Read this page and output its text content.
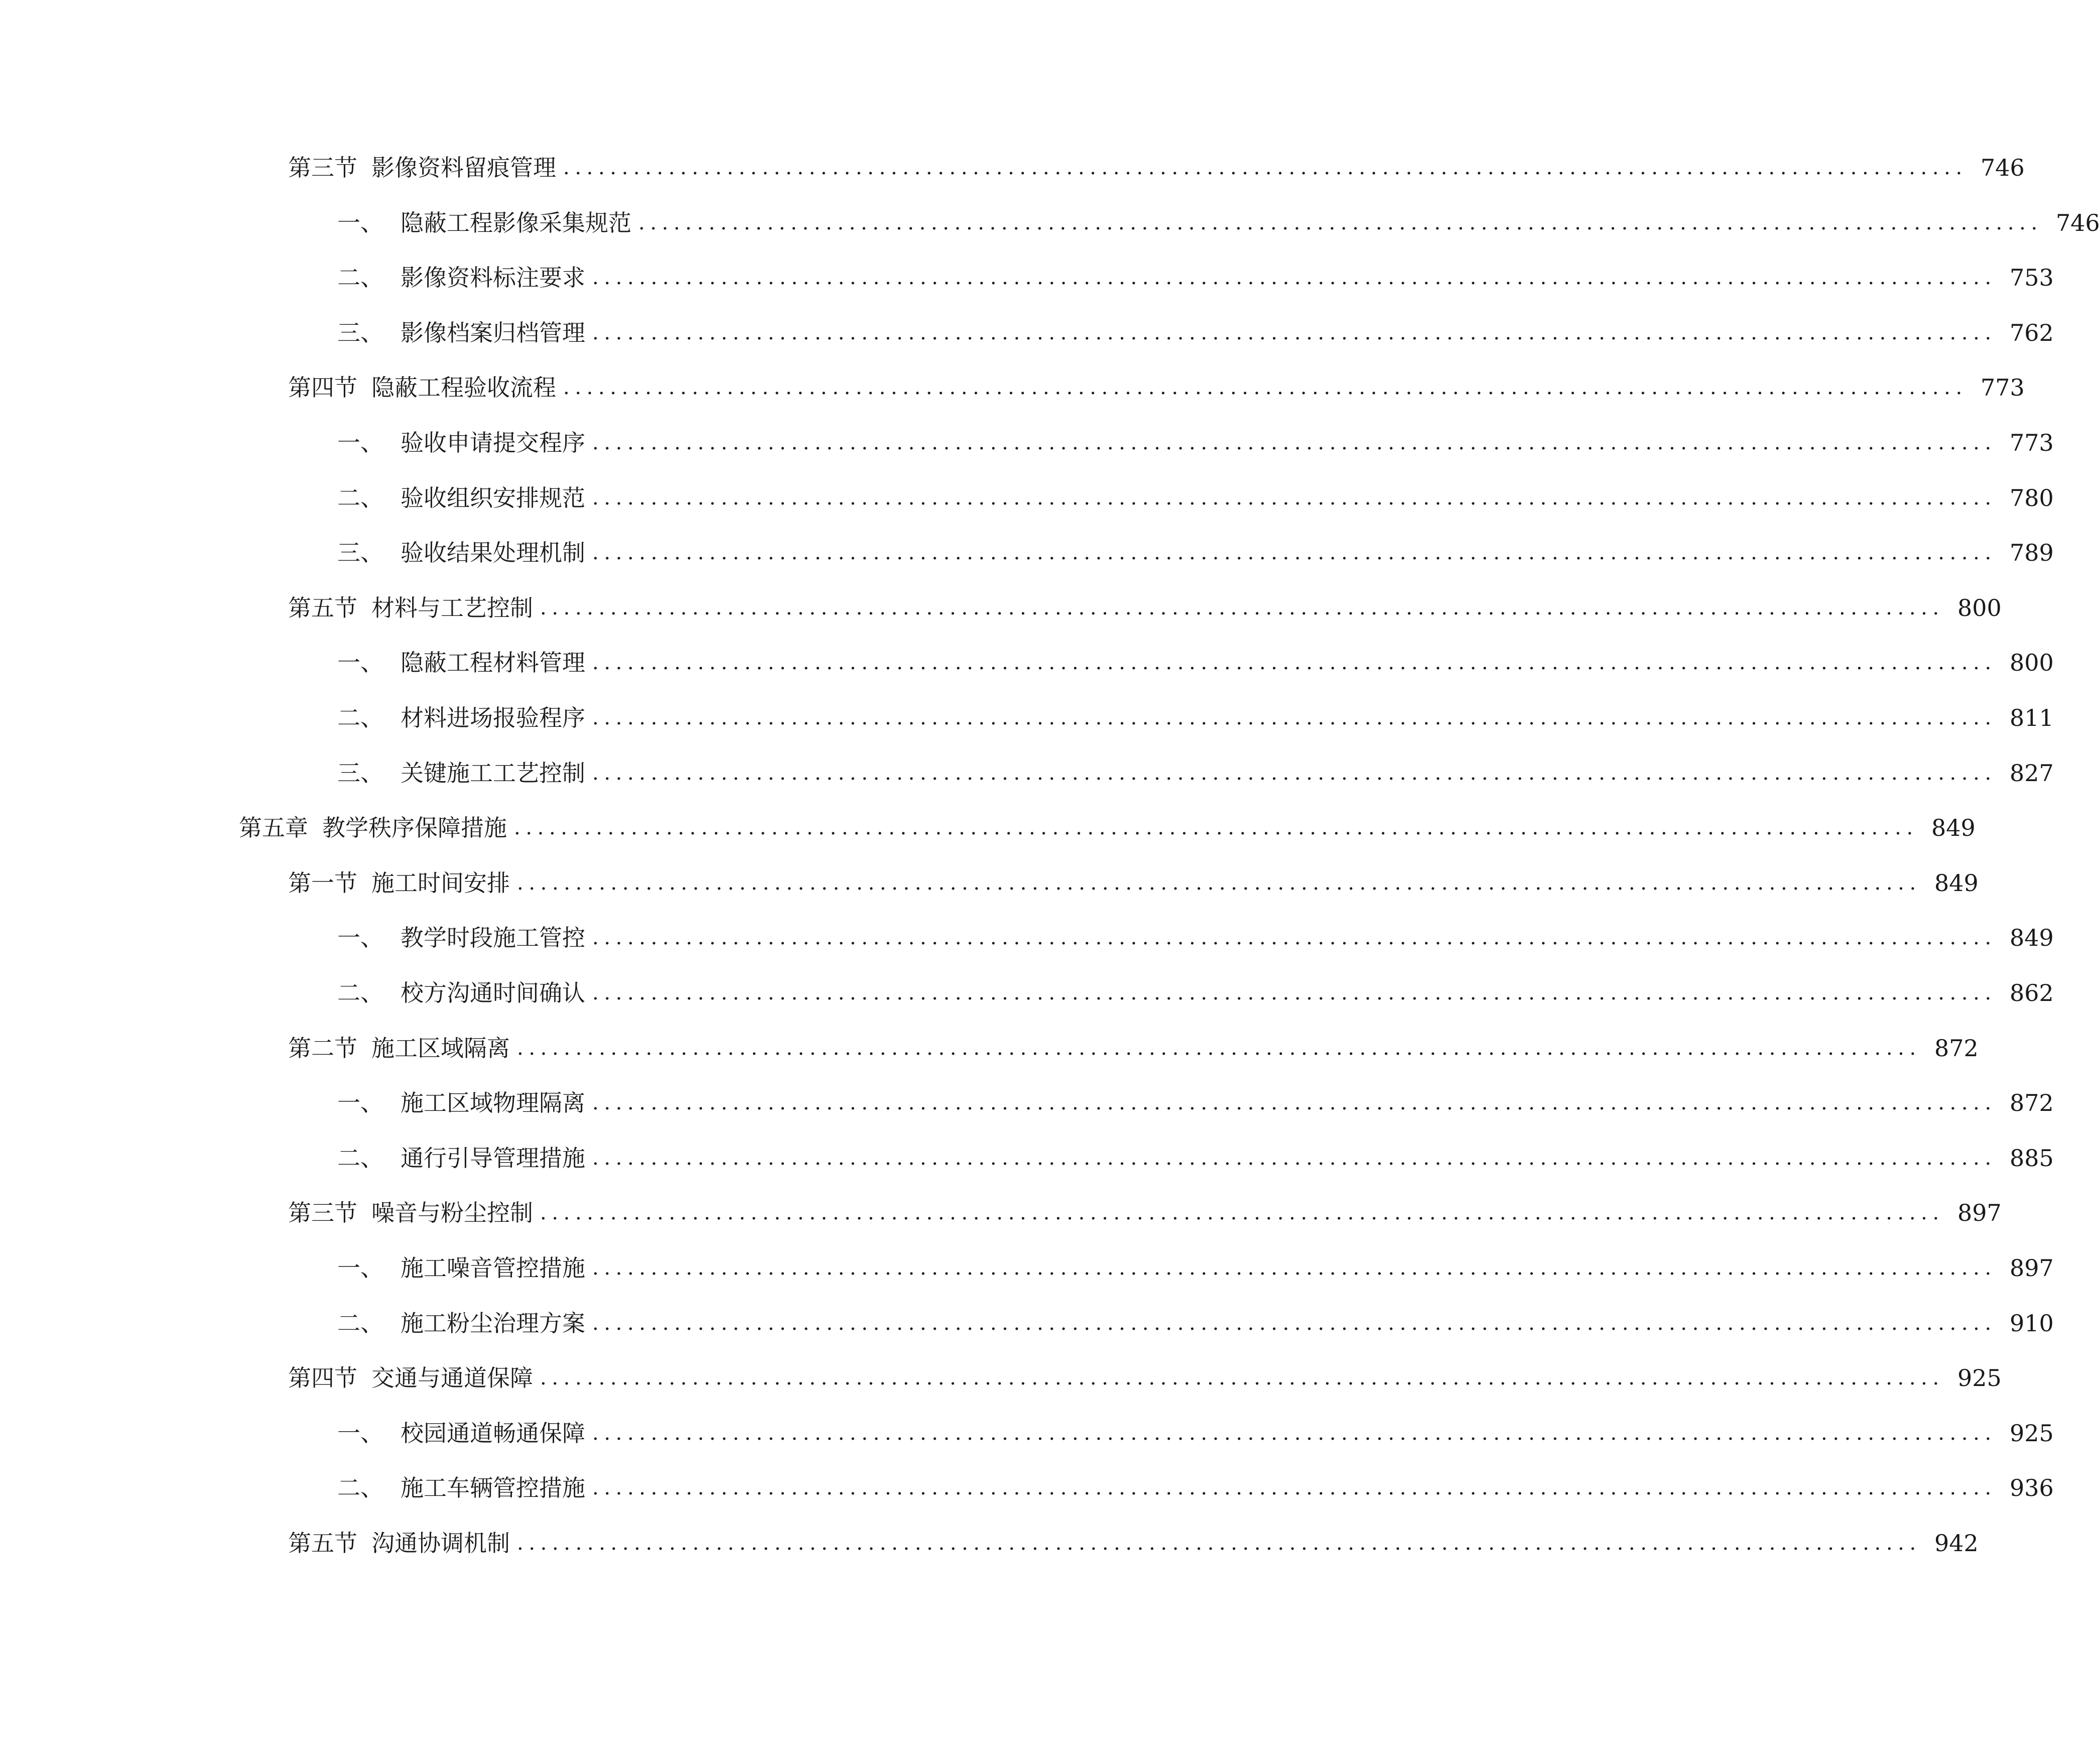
第三节 影像资料留痕管理 ........................................................................................................................ 746
一、 隐蔽工程影像采集规范 ........................................................................................................................ 746
二、 影像资料标注要求 ........................................................................................................................ 753
三、 影像档案归档管理 ........................................................................................................................ 762
第四节 隐蔽工程验收流程 ........................................................................................................................ 773
一、 验收申请提交程序 ........................................................................................................................ 773
二、 验收组织安排规范 ........................................................................................................................ 780
三、 验收结果处理机制 ........................................................................................................................ 789
第五节 材料与工艺控制 ........................................................................................................................ 800
一、 隐蔽工程材料管理 ........................................................................................................................ 800
二、 材料进场报验程序 ........................................................................................................................ 811
三、 关键施工工艺控制 ........................................................................................................................ 827
第五章 教学秩序保障措施 ........................................................................................................................ 849
第一节 施工时间安排 ........................................................................................................................ 849
一、 教学时段施工管控 ........................................................................................................................ 849
二、 校方沟通时间确认 ........................................................................................................................ 862
第二节 施工区域隔离 ........................................................................................................................ 872
一、 施工区域物理隔离 ........................................................................................................................ 872
二、 通行引导管理措施 ........................................................................................................................ 885
第三节 噪音与粉尘控制 ........................................................................................................................ 897
一、 施工噪音管控措施 ........................................................................................................................ 897
二、 施工粉尘治理方案 ........................................................................................................................ 910
第四节 交通与通道保障 ........................................................................................................................ 925
一、 校园通道畅通保障 ........................................................................................................................ 925
二、 施工车辆管控措施 ........................................................................................................................ 936
第五节 沟通协调机制 ........................................................................................................................ 942
